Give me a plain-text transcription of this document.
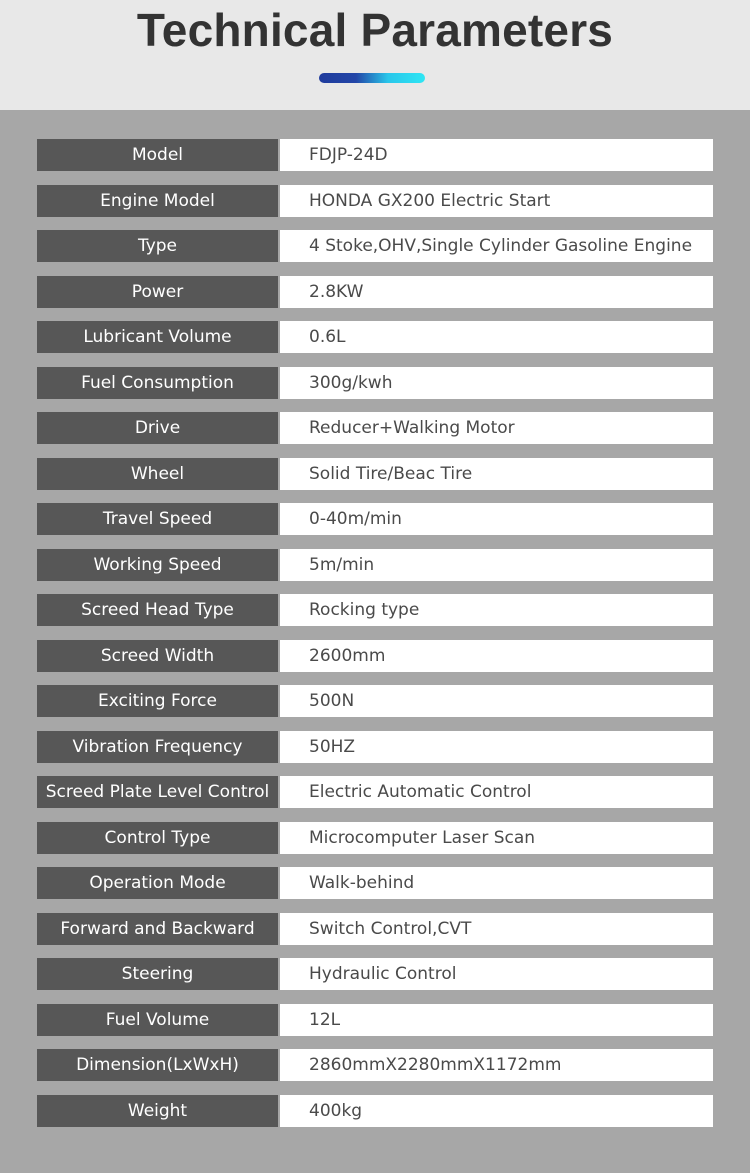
Technical Parameters
Model	FDJP-24D
Engine Model	HONDA GX200 Electric Start
Type	4 Stoke,OHV,Single Cylinder Gasoline Engine
Power	2.8KW
Lubricant Volume	0.6L
Fuel Consumption	300g/kwh
Drive	Reducer+Walking Motor
Wheel	Solid Tire/Beac Tire
Travel Speed	0-40m/min
Working Speed	5m/min
Screed Head Type	Rocking type
Screed Width	2600mm
Exciting Force	500N
Vibration Frequency	50HZ
Screed Plate Level Control	Electric Automatic Control
Control Type	Microcomputer Laser Scan
Operation Mode	Walk-behind
Forward and Backward	Switch Control,CVT
Steering	Hydraulic Control
Fuel Volume	12L
Dimension(LxWxH)	2860mmX2280mmX1172mm
Weight	400kg
